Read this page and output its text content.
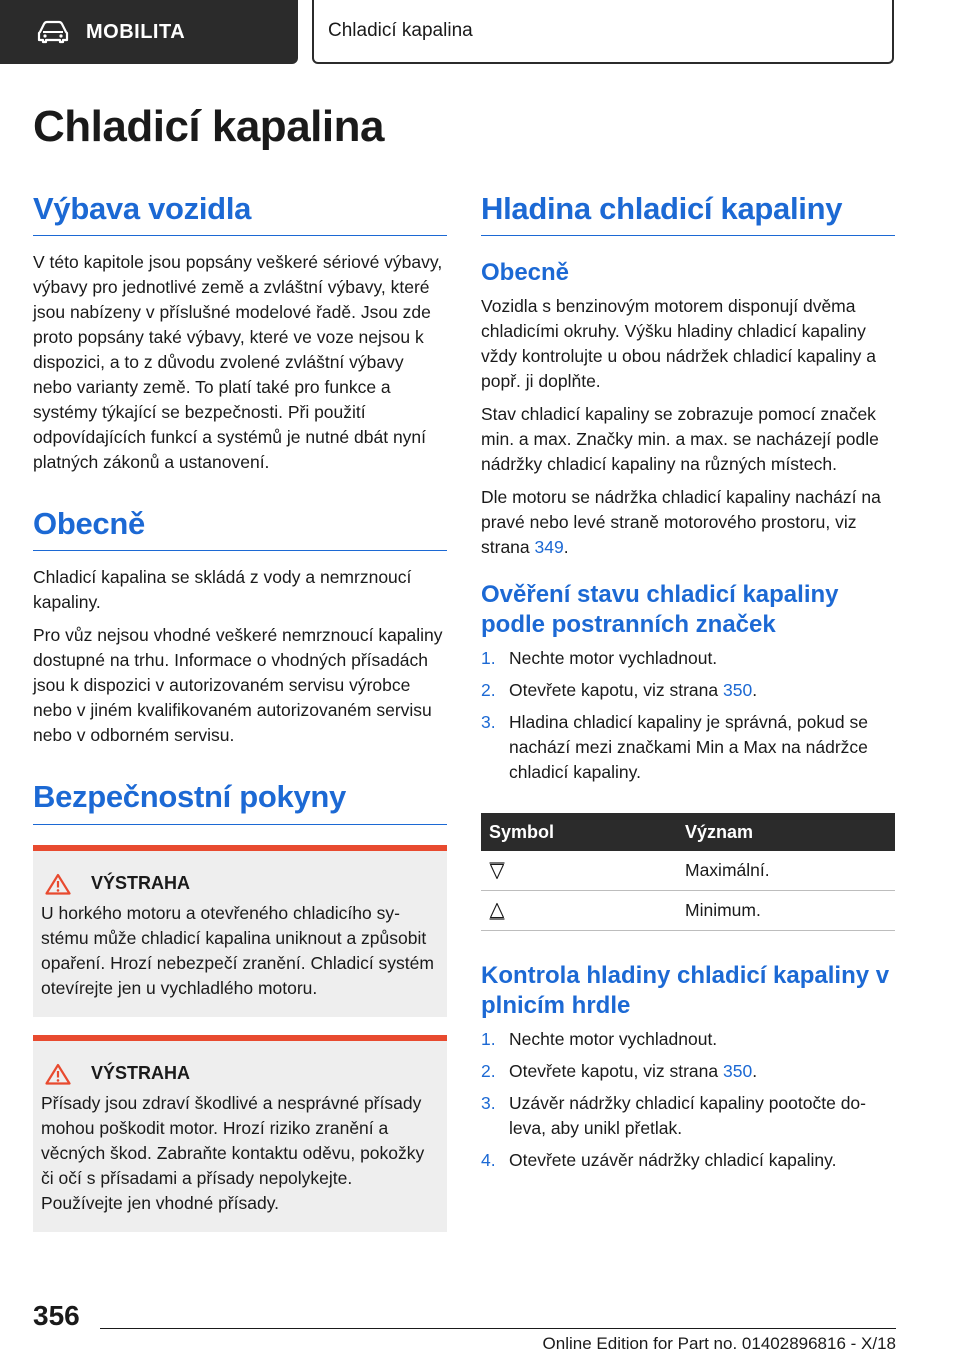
MOBILITA	Chladicí kapalina
Chladicí kapalina
Výbava vozidla

V této kapitole jsou popsány veškeré sériové výbavy, výbavy pro jednotlivé země a zvláštní výbavy, které jsou nabízeny v příslušné modelové řadě. Jsou zde proto popsány také výbavy, které ve voze nejsou k dispozici, a to z důvodu zvolené zvláštní výbavy nebo varianty země. To platí také pro funkce a systémy týkající se bezpečnosti. Při použití odpovídajících funkcí a systémů je nutné dbát nyní platných zákonů a ustanovení.

Obecně

Chladicí kapalina se skládá z vody a nemrznoucí kapaliny.

Pro vůz nejsou vhodné veškeré nemrznoucí kapaliny dostupné na trhu. Informace o vhodných přísadách jsou k dispozici v autorizovaném servisu výrobce nebo v jiném kvalifikovaném autorizovaném servisu nebo v odborném servisu.

Bezpečnostní pokyny
VÝSTRAHA

U horkého motoru a otevřeného chladicího systému může chladicí kapalina uniknout a způsobit opaření. Hrozí nebezpečí zranění. Chladicí systém otevírejte jen u vychladlého motoru.

VÝSTRAHA

Přísady jsou zdraví škodlivé a nesprávné přísady mohou poškodit motor. Hrozí riziko zranění a věcných škod. Zabraňte kontaktu oděvu, pokožky či očí s přísadami a přísady nepolykejte. Používejte jen vhodné přísady.

Hladina chladicí kapaliny
Obecně

Vozidla s benzinovým motorem disponují dvěma chladicími okruhy. Výšku hladiny chladicí kapaliny vždy kontrolujte u obou nádržek chladicí kapaliny a popř. ji doplňte.

Stav chladicí kapaliny se zobrazuje pomocí značek min. a max. Značky min. a max. se nacházejí podle nádržky chladicí kapaliny na různých místech.

Dle motoru se nádržka chladicí kapaliny nachází na pravé nebo levé straně motorového prostoru, viz strana 349.

Ověření stavu chladicí kapaliny podle postranních značek
1. Nechte motor vychladnout.
2. Otevřete kapotu, viz strana 350.
3. Hladina chladicí kapaliny je správná, pokud se nachází mezi značkami Min a Max na nádržce chladicí kapaliny.
Symbol	Význam

	Maximální.

	Minimum.
Kontrola hladiny chladicí kapaliny v plnicím hrdle
1. Nechte motor vychladnout.
2. Otevřete kapotu, viz strana 350.
3. Uzávěr nádržky chladicí kapaliny pootočte doleva, aby unikl přetlak.
4. Otevřete uzávěr nádržky chladicí kapaliny.
356
Online Edition for Part no. 01402896816 - X/18
